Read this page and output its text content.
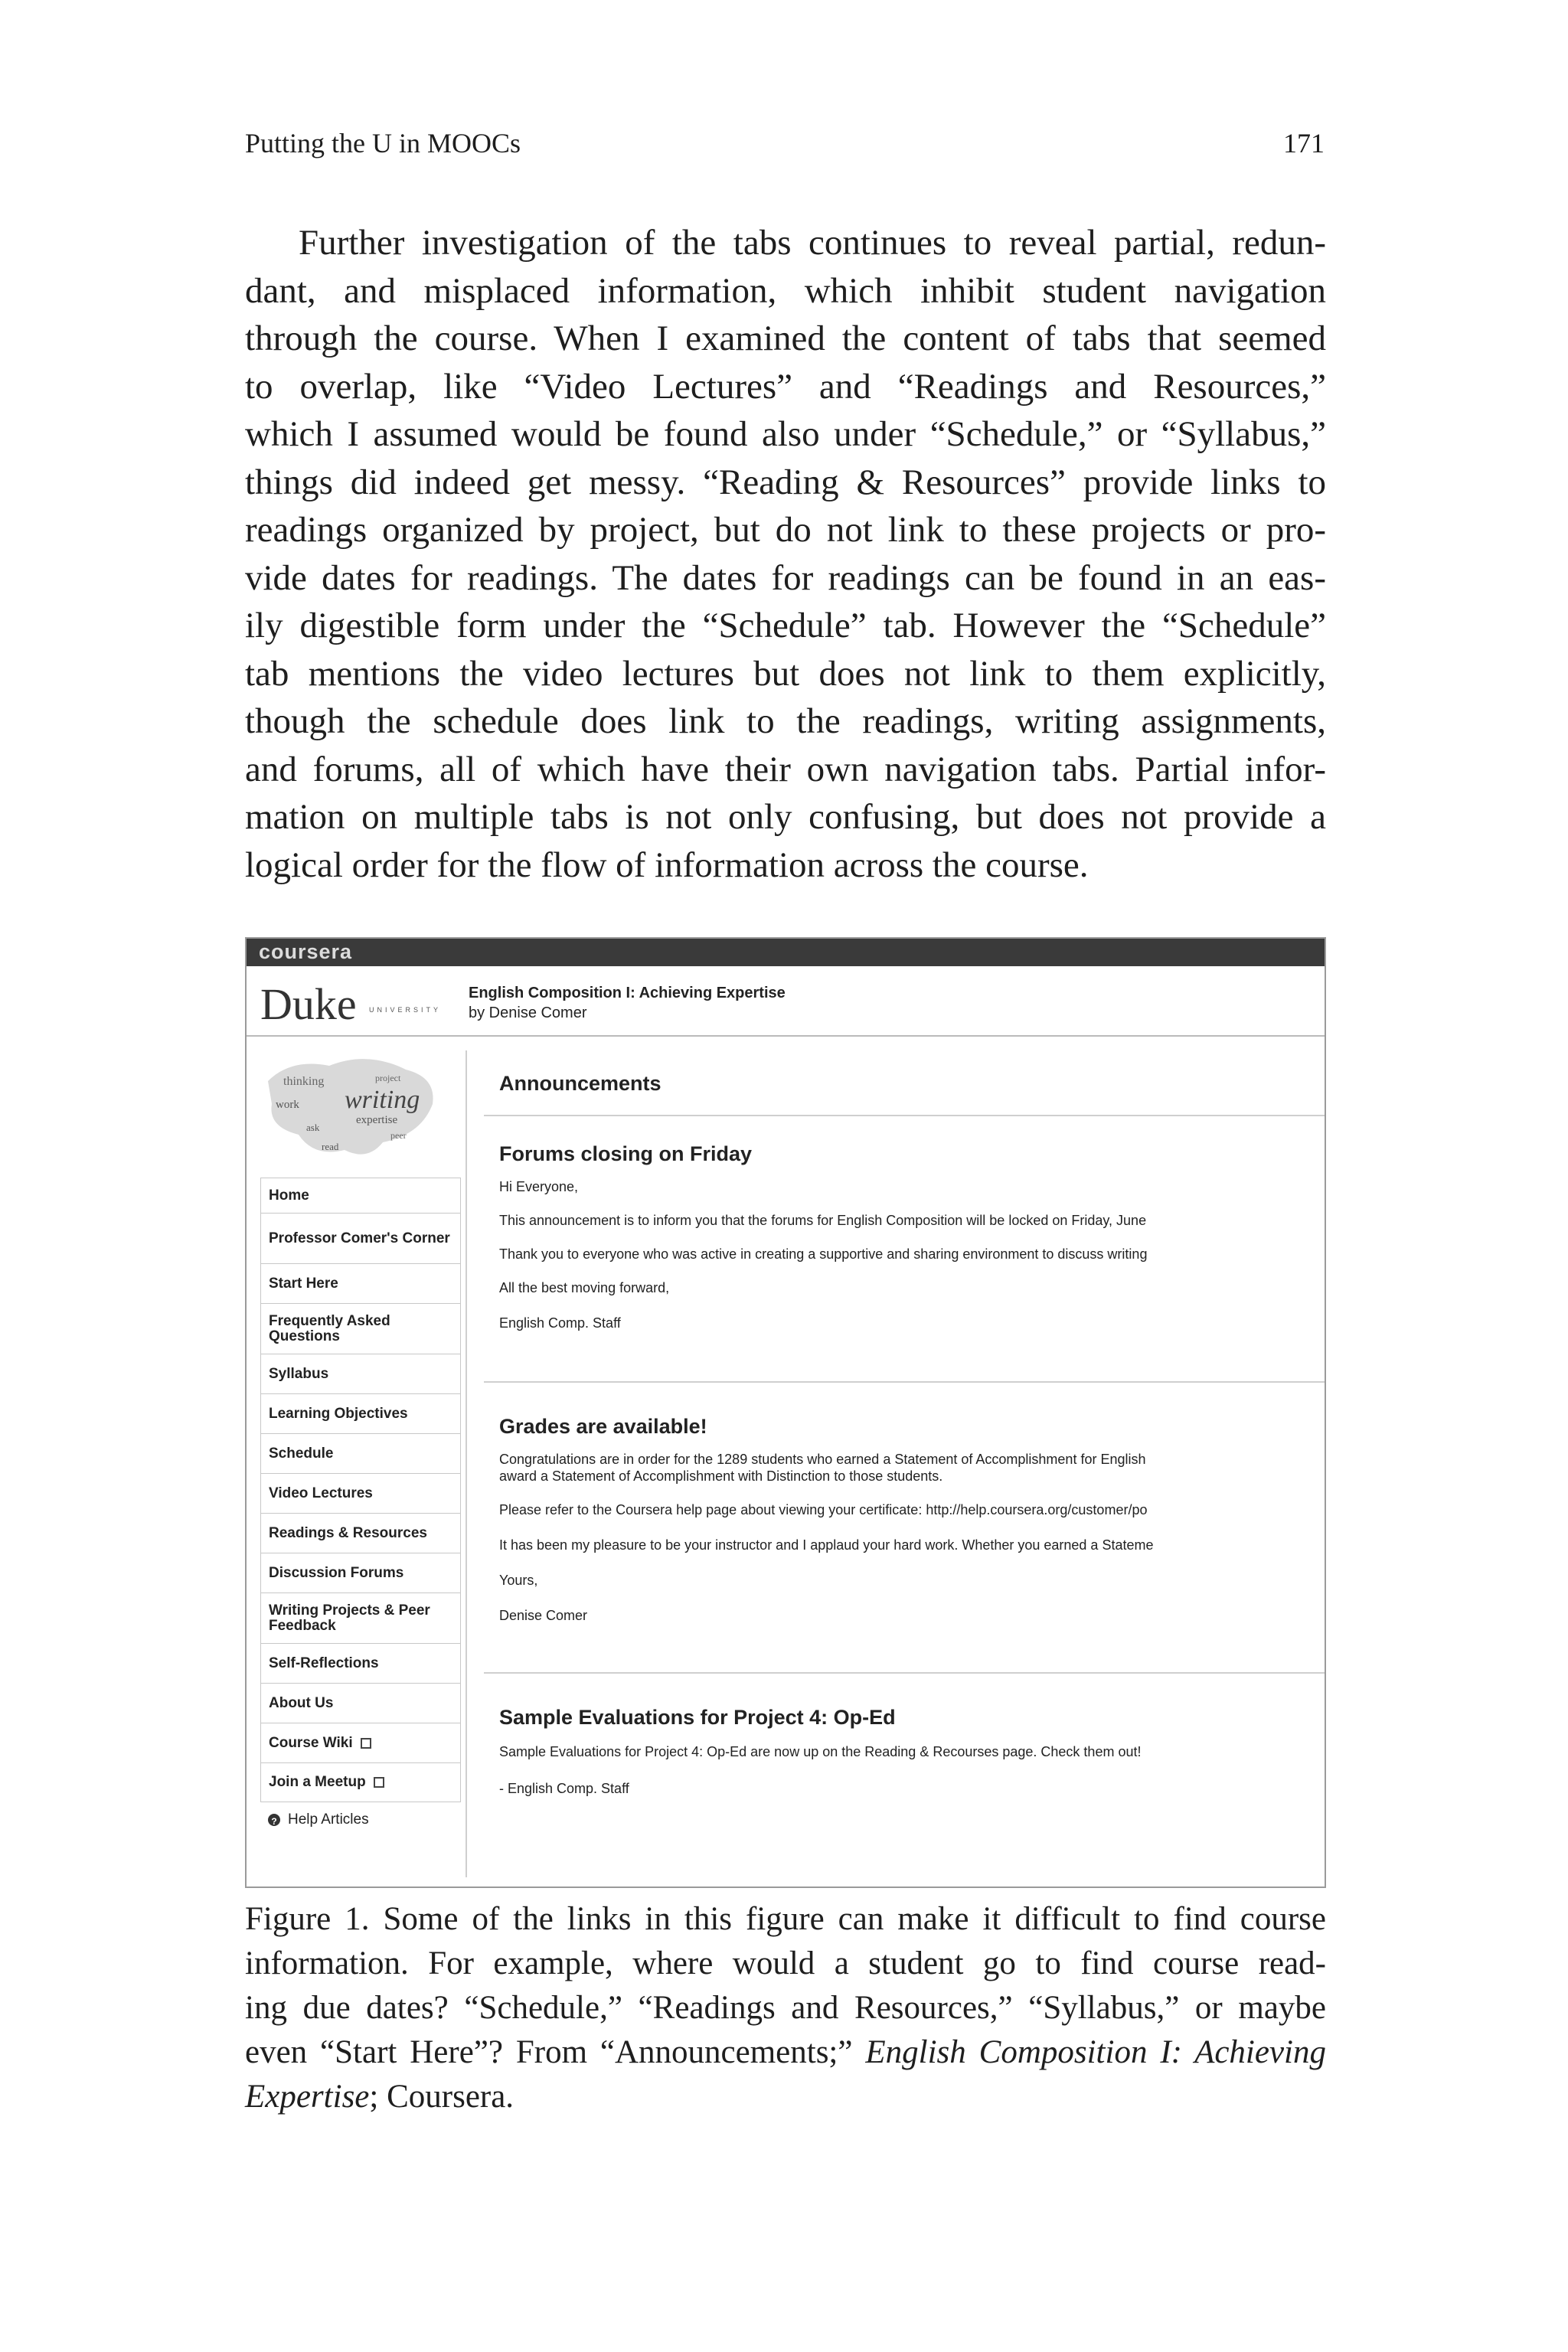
Putting the U in MOOCs	171
Further investigation of the tabs continues to reveal partial, redun-
dant, and misplaced information, which inhibit student navigation
through the course. When I examined the content of tabs that seemed
to overlap, like “Video Lectures” and “Readings and Resources,”
which I assumed would be found also under “Schedule,” or “Syllabus,”
things did indeed get messy. “Reading & Resources” provide links to
readings organized by project, but do not link to these projects or pro-
vide dates for readings. The dates for readings can be found in an eas-
ily digestible form under the “Schedule” tab. However the “Schedule”
tab mentions the video lectures but does not link to them explicitly,
though the schedule does link to the readings, writing assignments,
and forums, all of which have their own navigation tabs. Partial infor-
mation on multiple tabs is not only confusing, but does not provide a
logical order for the flow of information across the course.
coursera
Duke UNIVERSITY
English Composition I: Achieving Expertise
by Denise Comer
thinking
writing
expertise
work
ask
project
read
peer
Home
Professor Comer's Corner
Start Here
Frequently Asked Questions
Syllabus
Learning Objectives
Schedule
Video Lectures
Readings & Resources
Discussion Forums
Writing Projects & Peer Feedback
Self-Reflections
About Us
Course Wiki
Join a Meetup
? Help Articles
Announcements
Forums closing on Friday
Hi Everyone,
This announcement is to inform you that the forums for English Composition will be locked on Friday, June
Thank you to everyone who was active in creating a supportive and sharing environment to discuss writing
All the best moving forward,
English Comp. Staff
Grades are available!
Congratulations are in order for the 1289 students who earned a Statement of Accomplishment for English
award a Statement of Accomplishment with Distinction to those students.
Please refer to the Coursera help page about viewing your certificate: http://help.coursera.org/customer/po
It has been my pleasure to be your instructor and I applaud your hard work. Whether you earned a Stateme
Yours,
Denise Comer
Sample Evaluations for Project 4: Op-Ed
Sample Evaluations for Project 4: Op-Ed are now up on the Reading & Recourses page. Check them out!
- English Comp. Staff
Figure 1. Some of the links in this figure can make it difficult to find course
information. For example, where would a student go to find course read-
ing due dates? “Schedule,” “Readings and Resources,” “Syllabus,” or maybe
even “Start Here”? From “Announcements;” English Composition I: Achieving
Expertise; Coursera.
